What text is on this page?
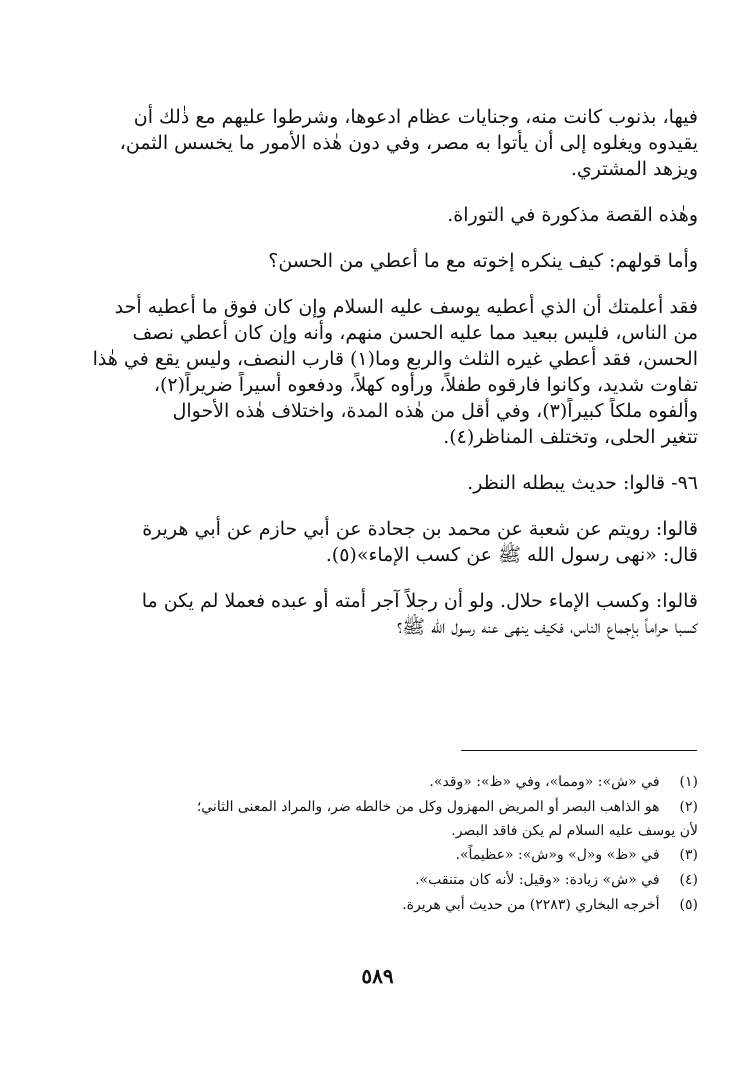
فيها، بذنوب كانت منه، وجنايات عظام ادعوها، وشرطوا عليهم مع ذٰلك أن
يقيدوه ويغلوه إلى أن يأتوا به مصر، وفي دون هٰذه الأمور ما يخسس الثمن،
ويزهد المشتري.
وهٰذه القصة مذكورة في التوراة.
وأما قولهم: كيف ينكره إخوته مع ما أعطي من الحسن؟
فقد أعلمتك أن الذي أعطيه يوسف عليه السلام وإن كان فوق ما أعطيه أحد
من الناس، فليس ببعيد مما عليه الحسن منهم، وأنه وإن كان أعطي نصف
الحسن، فقد أعطي غيره الثلث والربع وما(١) قارب النصف، وليس يقع في هٰذا
تفاوت شديد، وكانوا فارقوه طفلاً، ورأوه كهلاً، ودفعوه أسيراً ضريراً(٢)،
وألفوه ملكاً كبيراً(٣)، وفي أقل من هٰذه المدة، واختلاف هٰذه الأحوال
تتغير الحلى، وتختلف المناظر(٤).
٩٦- قالوا: حديث يبطله النظر.
قالوا: رويتم عن شعبة عن محمد بن جحادة عن أبي حازم عن أبي هريرة
قال: «نهى رسول الله ﷺ عن كسب الإماء»(٥).
قالوا: وكسب الإماء حلال. ولو أن رجلاً آجر أمته أو عبده فعملا لم يكن ما
كسبا حراماً بإجماع الناس، فكيف ينهى عنه رسول الله ﷺ؟
(١) في «ش»: «ومما»، وفي «ظ»: «وقد».
(٢) هو الذاهب البصر أو المريض المهزول وكل من خالطه ضر، والمراد المعنى الثاني؛
لأن يوسف عليه السلام لم يكن فاقد البصر.
(٣) في «ظ» و«ل» و«ش»: «عظيماً».
(٤) في «ش» زيادة: «وقيل: لأنه كان متنقب».
(٥) أخرجه البخاري (٢٢٨٣) من حديث أبي هريرة.
٥٨٩
